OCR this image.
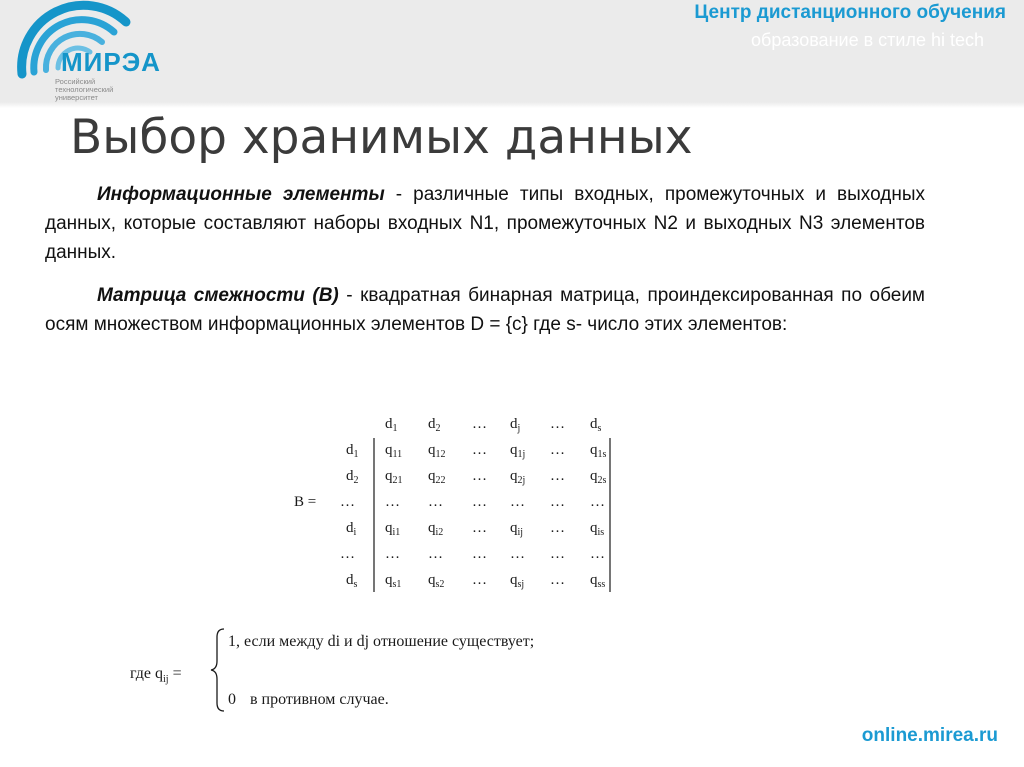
МИРЭА
Российский
технологический
университет
Центр дистанционного обучения
образование в стиле hi tech
Выбор хранимых данных
Информационные элементы - различные типы входных, промежуточных и выходных данных, которые составляют наборы входных N1, промежуточных N2 и выходных N3 элементов данных.
Матрица смежности (B) - квадратная бинарная матрица, проиндексированная по обеим осям множеством информационных элементов D = {c} где s- число этих элементов:
$d_1$ $d_2$ … $d_j$ … $d_s$
$d_1$ $q_{11}$ $q_{12}$ … $q_{1j}$ … $q_{1s}$
$d_2$ $q_{21}$ $q_{22}$ … $q_{2j}$ … $q_{2s}$
… … … … … … …
$d_i$ $q_{i1}$ $q_{i2}$ … $q_{ij}$ … $q_{is}$
… … … … … … …
$d_s$ $q_{s1}$ $q_{s2}$ … $q_{sj}$ … $q_{ss}$
B =
где $q_{ij}$ =
1, если между di и dj отношение существует;
0 в противном случае.
online.mirea.ru
